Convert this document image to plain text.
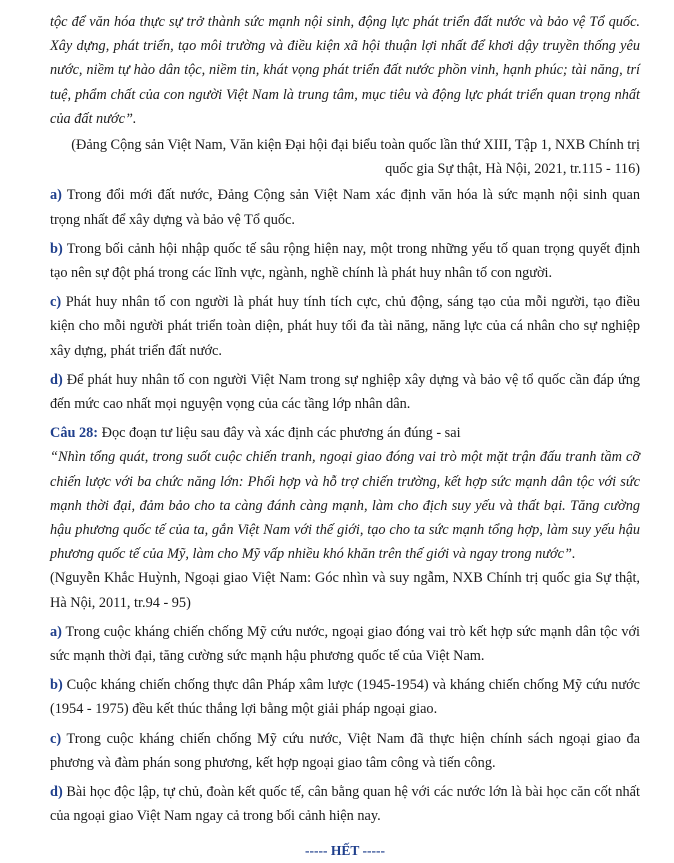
tộc để văn hóa thực sự trở thành sức mạnh nội sinh, động lực phát triển đất nước và bảo vệ Tổ quốc. Xây dựng, phát triển, tạo môi trường và điều kiện xã hội thuận lợi nhất để khơi dậy truyền thống yêu nước, niềm tự hào dân tộc, niềm tin, khát vọng phát triển đất nước phồn vinh, hạnh phúc; tài năng, trí tuệ, phẩm chất của con người Việt Nam là trung tâm, mục tiêu và động lực phát triển quan trọng nhất của đất nước”.

(Đảng Cộng sản Việt Nam, Văn kiện Đại hội đại biểu toàn quốc lần thứ XIII, Tập 1, NXB Chính trị quốc gia Sự thật, Hà Nội, 2021, tr.115 - 116)

a) Trong đổi mới đất nước, Đảng Cộng sản Việt Nam xác định văn hóa là sức mạnh nội sinh quan trọng nhất để xây dựng và bảo vệ Tổ quốc.

b) Trong bối cảnh hội nhập quốc tế sâu rộng hiện nay, một trong những yếu tố quan trọng quyết định tạo nên sự đột phá trong các lĩnh vực, ngành, nghề chính là phát huy nhân tố con người.

c) Phát huy nhân tố con người là phát huy tính tích cực, chủ động, sáng tạo của mỗi người, tạo điều kiện cho mỗi người phát triển toàn diện, phát huy tối đa tài năng, năng lực của cá nhân cho sự nghiệp xây dựng, phát triển đất nước.

d) Để phát huy nhân tố con người Việt Nam trong sự nghiệp xây dựng và bảo vệ tổ quốc cần đáp ứng đến mức cao nhất mọi nguyện vọng của các tầng lớp nhân dân.

Câu 28: Đọc đoạn tư liệu sau đây và xác định các phương án đúng - sai

“Nhìn tổng quát, trong suốt cuộc chiến tranh, ngoại giao đóng vai trò một mặt trận đấu tranh tầm cỡ chiến lược với ba chức năng lớn: Phối hợp và hỗ trợ chiến trường, kết hợp sức mạnh dân tộc với sức mạnh thời đại, đảm bảo cho ta càng đánh càng mạnh, làm cho địch suy yếu và thất bại. Tăng cường hậu phương quốc tế của ta, gắn Việt Nam với thế giới, tạo cho ta sức mạnh tổng hợp, làm suy yếu hậu phương quốc tế của Mỹ, làm cho Mỹ vấp nhiều khó khăn trên thế giới và ngay trong nước”.

(Nguyễn Khắc Huỳnh, Ngoại giao Việt Nam: Góc nhìn và suy ngẫm, NXB Chính trị quốc gia Sự thật, Hà Nội, 2011, tr.94 - 95)

a) Trong cuộc kháng chiến chống Mỹ cứu nước, ngoại giao đóng vai trò kết hợp sức mạnh dân tộc với sức mạnh thời đại, tăng cường sức mạnh hậu phương quốc tế của Việt Nam.

b) Cuộc kháng chiến chống thực dân Pháp xâm lược (1945-1954) và kháng chiến chống Mỹ cứu nước (1954 - 1975) đều kết thúc thắng lợi bằng một giải pháp ngoại giao.

c) Trong cuộc kháng chiến chống Mỹ cứu nước, Việt Nam đã thực hiện chính sách ngoại giao đa phương và đàm phán song phương, kết hợp ngoại giao tâm công và tiến công.

d) Bài học độc lập, tự chủ, đoàn kết quốc tế, cân bằng quan hệ với các nước lớn là bài học căn cốt nhất của ngoại giao Việt Nam ngay cả trong bối cảnh hiện nay.

----- HẾT -----
